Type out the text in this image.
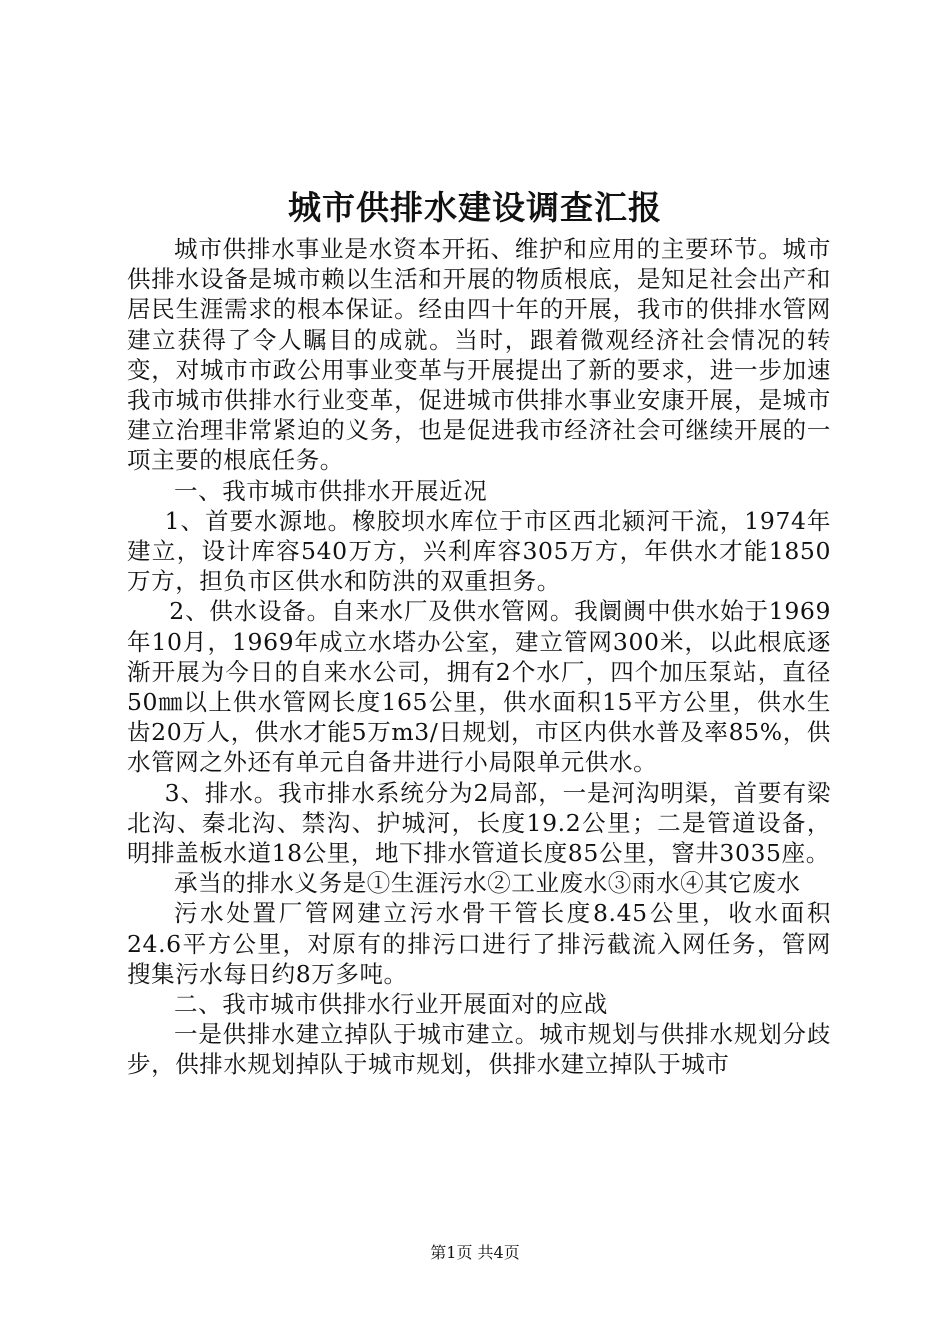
城市供排水建设调查汇报

城市供排水事业是水资本开拓、维护和应用的主要环节。城市供排水设备是城市赖以生活和开展的物质根底，是知足社会出产和居民生涯需求的根本保证。经由四十年的开展，我市的供排水管网建立获得了令人瞩目的成就。当时，跟着微观经济社会情况的转变，对城市市政公用事业变革与开展提出了新的要求，进一步加速我市城市供排水行业变革，促进城市供排水事业安康开展，是城市建立治理非常紧迫的义务，也是促进我市经济社会可继续开展的一项主要的根底任务。

一、我市城市供排水开展近况

1、首要水源地。橡胶坝水库位于市区西北颍河干流，1974年建立，设计库容540万方，兴利库容305万方，年供水才能1850万方，担负市区供水和防洪的双重担务。

2、供水设备。自来水厂及供水管网。我阛阓中供水始于1969年10月，1969年成立水塔办公室，建立管网300米，以此根底逐渐开展为今日的自来水公司，拥有2个水厂，四个加压泵站，直径50㎜以上供水管网长度165公里，供水面积15平方公里，供水生齿20万人，供水才能5万m3/日规划，市区内供水普及率85%，供水管网之外还有单元自备井进行小局限单元供水。

3、排水。我市排水系统分为2局部，一是河沟明渠，首要有梁北沟、秦北沟、禁沟、护城河，长度19.2公里；二是管道设备，明排盖板水道18公里，地下排水管道长度85公里，窨井3035座。

承当的排水义务是①生涯污水②工业废水③雨水④其它废水

污水处置厂管网建立污水骨干管长度8.45公里，收水面积24.6平方公里，对原有的排污口进行了排污截流入网任务，管网搜集污水每日约8万多吨。

二、我市城市供排水行业开展面对的应战

一是供排水建立掉队于城市建立。城市规划与供排水规划分歧步，供排水规划掉队于城市规划，供排水建立掉队于城市

第1页 共4页
